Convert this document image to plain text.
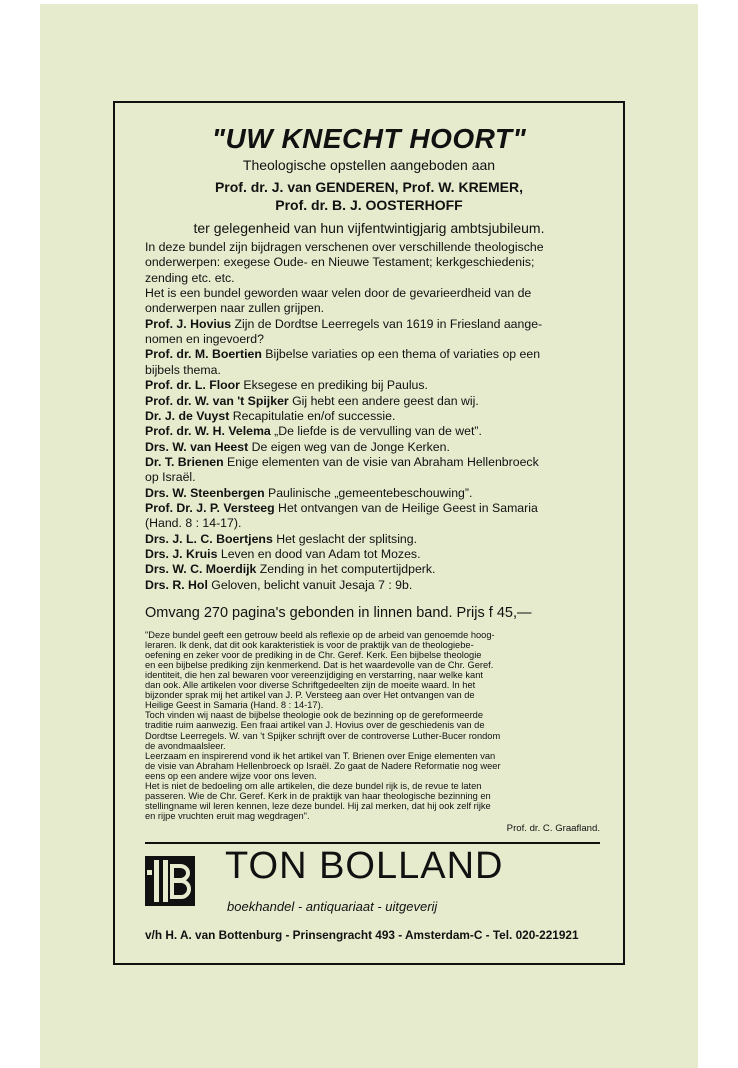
"UW KNECHT HOORT"
Theologische opstellen aangeboden aan
Prof. dr. J. van GENDEREN, Prof. W. KREMER,
Prof. dr. B. J. OOSTERHOFF
ter gelegenheid van hun vijfentwintigjarig ambtsjubileum.
In deze bundel zijn bijdragen verschenen over verschillende theologische
onderwerpen: exegese Oude- en Nieuwe Testament; kerkgeschiedenis;
zending etc. etc.
Het is een bundel geworden waar velen door de gevarieerdheid van de
onderwerpen naar zullen grijpen.
Prof. J. Hovius Zijn de Dordtse Leerregels van 1619 in Friesland aange-
nomen en ingevoerd?
Prof. dr. M. Boertien Bijbelse variaties op een thema of variaties op een
bijbels thema.
Prof. dr. L. Floor Eksegese en prediking bij Paulus.
Prof. dr. W. van 't Spijker Gij hebt een andere geest dan wij.
Dr. J. de Vuyst Recapitulatie en/of successie.
Prof. dr. W. H. Velema „De liefde is de vervulling van de wet”.
Drs. W. van Heest De eigen weg van de Jonge Kerken.
Dr. T. Brienen Enige elementen van de visie van Abraham Hellenbroeck
op Israël.
Drs. W. Steenbergen Paulinische „gemeentebeschouwing”.
Prof. Dr. J. P. Versteeg Het ontvangen van de Heilige Geest in Samaria
(Hand. 8 : 14-17).
Drs. J. L. C. Boertjens Het geslacht der splitsing.
Drs. J. Kruis Leven en dood van Adam tot Mozes.
Drs. W. C. Moerdijk Zending in het computertijdperk.
Drs. R. Hol Geloven, belicht vanuit Jesaja 7 : 9b.
Omvang 270 pagina's gebonden in linnen band. Prijs f 45,—
"Deze bundel geeft een getrouw beeld als reflexie op de arbeid van genoemde hoog-
leraren. Ik denk, dat dit ook karakteristiek is voor de praktijk van de theologiebe-
oefening en zeker voor de prediking in de Chr. Geref. Kerk. Een bijbelse theologie
en een bijbelse prediking zijn kenmerkend. Dat is het waardevolle van de Chr. Geref.
identiteit, die hen zal bewaren voor vereenzijdiging en verstarring, naar welke kant
dan ook. Alle artikelen voor diverse Schriftgedeelten zijn de moeite waard. In het
bijzonder sprak mij het artikel van J. P. Versteeg aan over Het ontvangen van de
Heilige Geest in Samaria (Hand. 8 : 14-17).
Toch vinden wij naast de bijbelse theologie ook de bezinning op de gereformeerde
traditie ruim aanwezig. Een fraai artikel van J. Hovius over de geschiedenis van de
Dordtse Leerregels. W. van 't Spijker schrijft over de controverse Luther-Bucer rondom
de avondmaalsleer.
Leerzaam en inspirerend vond ik het artikel van T. Brienen over Enige elementen van
de visie van Abraham Hellenbroeck op Israël. Zo gaat de Nadere Reformatie nog weer
eens op een andere wijze voor ons leven.
Het is niet de bedoeling om alle artikelen, die deze bundel rijk is, de revue te laten
passeren. Wie de Chr. Geref. Kerk in de praktijk van haar theologische bezinning en
stellingname wil leren kennen, leze deze bundel. Hij zal merken, dat hij ook zelf rijke
en rijpe vruchten eruit mag wegdragen".
Prof. dr. C. Graafland.
TON BOLLAND
boekhandel - antiquariaat - uitgeverij
v/h H. A. van Bottenburg - Prinsengracht 493 - Amsterdam-C - Tel. 020-221921
